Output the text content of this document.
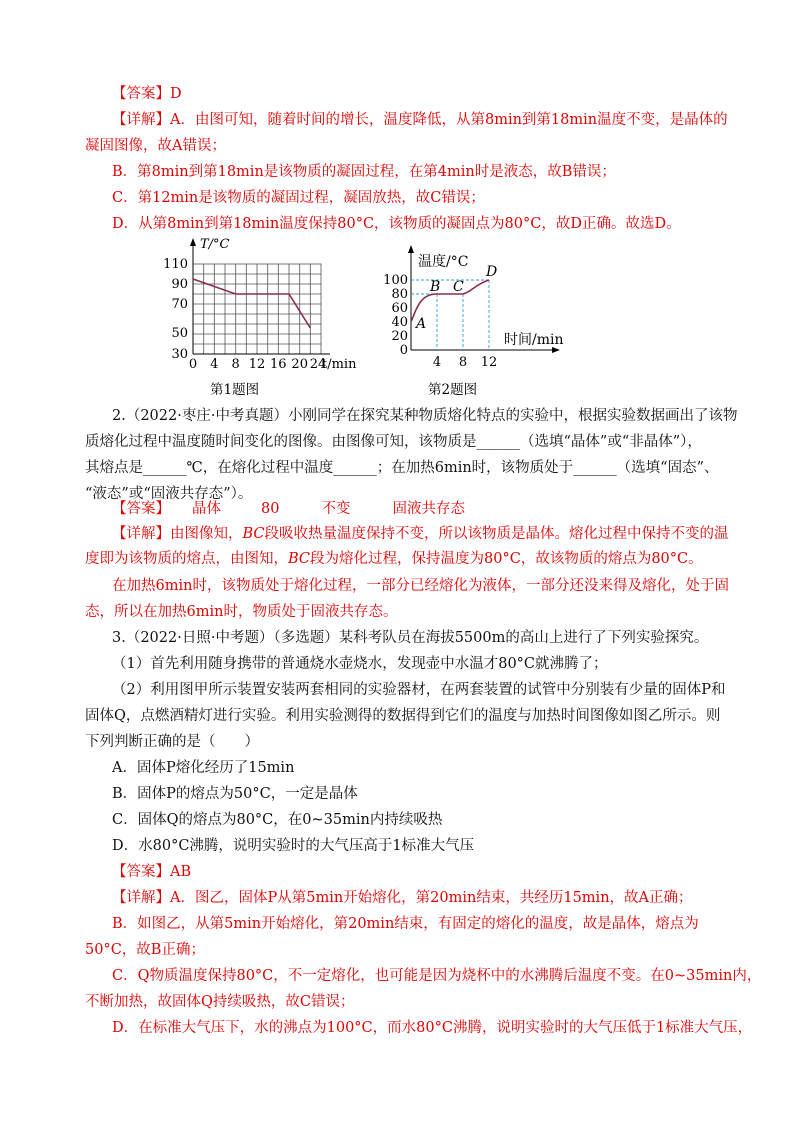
【答案】D
【详解】A．由图可知，随着时间的增长，温度降低，从第8min到第18min温度不变，是晶体的
凝固图像，故A错误；
B．第8min到第18min是该物质的凝固过程，在第4min时是液态，故B错误；
C．第12min是该物质的凝固过程，凝固放热，故C错误；
D．从第8min到第18min温度保持80°C，该物质的凝固点为80°C，故D正确。故选D。
T/°C
110
90
70
50
30
0 4 8 12 16 20 24
t/min
第1题图
温度/°C
100
80
60
40
20
0
4 8 12
时间/min
A
B C
D
第2题图
2.（2022·枣庄·中考真题）小刚同学在探究某种物质熔化特点的实验中，根据实验数据画出了该物
质熔化过程中温度随时间变化的图像。由图像可知，该物质是______（选填“晶体”或“非晶体”），
其熔点是______℃，在熔化过程中温度______；在加热6min时，该物质处于______（选填“固态”、
“液态”或“固液共存态”）。
【答案】 晶体	80	不变	固液共存态
【详解】由图像知，BC段吸收热量温度保持不变，所以该物质是晶体。熔化过程中保持不变的温
度即为该物质的熔点，由图知，BC段为熔化过程，保持温度为80°C，故该物质的熔点为80°C。
在加热6min时，该物质处于熔化过程，一部分已经熔化为液体，一部分还没来得及熔化，处于固
态，所以在加热6min时，物质处于固液共存态。
3.（2022·日照·中考题）（多选题）某科考队员在海拔5500m的高山上进行了下列实验探究。
（1）首先利用随身携带的普通烧水壶烧水，发现壶中水温才80°C就沸腾了；
（2）利用图甲所示装置安装两套相同的实验器材，在两套装置的试管中分别装有少量的固体P和
固体Q，点燃酒精灯进行实验。利用实验测得的数据得到它们的温度与加热时间图像如图乙所示。则
下列判断正确的是（　　）
A．固体P熔化经历了15min
B．固体P的熔点为50°C，一定是晶体
C．固体Q的熔点为80°C，在0~35min内持续吸热
D．水80°C沸腾，说明实验时的大气压高于1标准大气压
【答案】AB
【详解】A．图乙，固体P从第5min开始熔化，第20min结束，共经历15min，故A正确；
B．如图乙，从第5min开始熔化，第20min结束，有固定的熔化的温度，故是晶体，熔点为
50°C，故B正确；
C．Q物质温度保持80°C，不一定熔化，也可能是因为烧杯中的水沸腾后温度不变。在0~35min内，
不断加热，故固体Q持续吸热，故C错误；
D．在标准大气压下，水的沸点为100°C，而水80°C沸腾，说明实验时的大气压低于1标准大气压，
